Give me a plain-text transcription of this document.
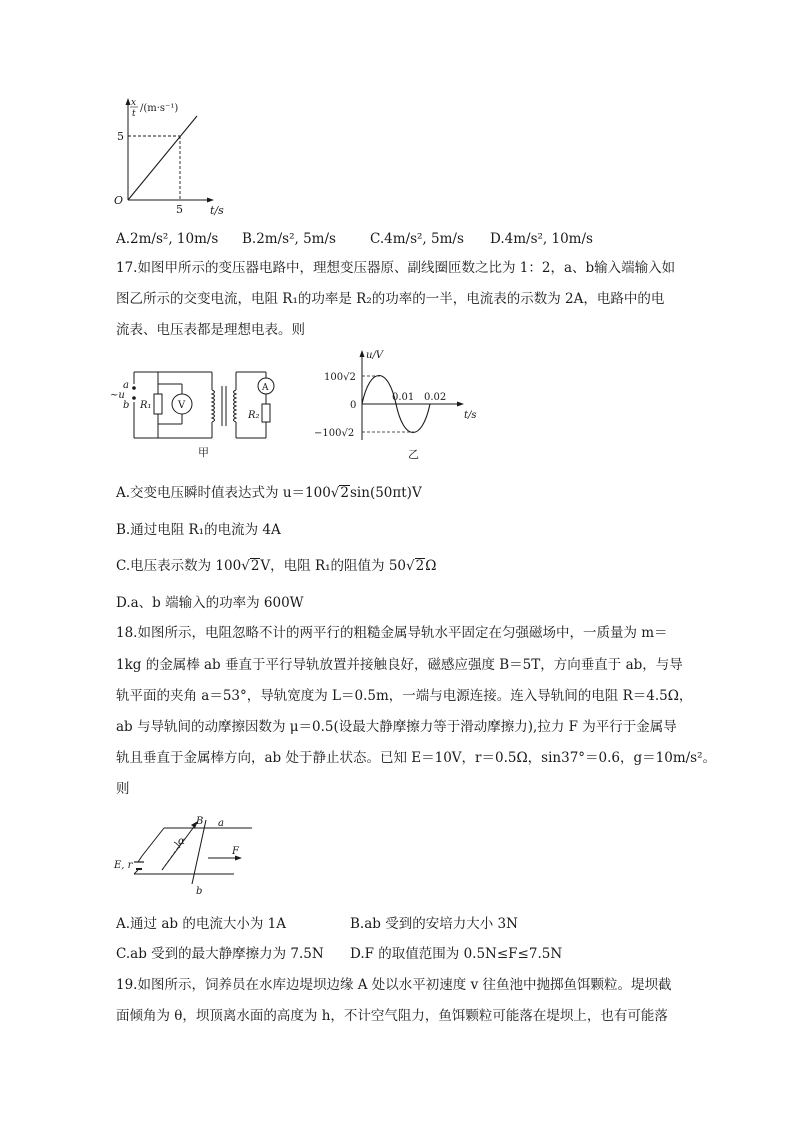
x
t /(m·s⁻¹)
5
5
O
t/s
A.2m/s², 10m/s B.2m/s², 5m/s	C.4m/s², 5m/s D.4m/s², 10m/s
17.如图甲所示的变压器电路中，理想变压器原、副线圈匝数之比为 1：2，a、b输入端输入如
图乙所示的交变电流，电阻 R₁的功率是 R₂的功率的一半，电流表的示数为 2A，电路中的电
流表、电压表都是理想电表。则
a
~u
b R₁	V
A
R₂
甲
u/V
100√2
0
−100√2
0.01 0.02
t/s
乙
A.交变电压瞬时值表达式为 u＝100√2sin(50πt)V
B.通过电阻 R₁的电流为 4A
C.电压表示数为 100√2V，电阻 R₁的阻值为 50√2Ω
D.a、b 端输入的功率为 600W
18.如图所示，电阻忽略不计的两平行的粗糙金属导轨水平固定在匀强磁场中，一质量为 m＝
1kg 的金属棒 ab 垂直于平行导轨放置并接触良好，磁感应强度 B＝5T，方向垂直于 ab，与导
轨平面的夹角 a＝53°，导轨宽度为 L＝0.5m，一端与电源连接。连入导轨间的电阻 R＝4.5Ω，
ab 与导轨间的动摩擦因数为 μ＝0.5(设最大静摩擦力等于滑动摩擦力),拉力 F 为平行于金属导
轨且垂直于金属棒方向，ab 处于静止状态。已知 E＝10V，r＝0.5Ω，sin37°＝0.6，g＝10m/s²。
则
B a
α
F
E, r
b
A.通过 ab 的电流大小为 1A	B.ab 受到的安培力大小 3N
C.ab 受到的最大静摩擦力为 7.5N D.F 的取值范围为 0.5N≤F≤7.5N
19.如图所示，饲养员在水库边堤坝边缘 A 处以水平初速度 v 往鱼池中抛掷鱼饵颗粒。堤坝截
面倾角为 θ，坝顶离水面的高度为 h，不计空气阻力，鱼饵颗粒可能落在堤坝上，也有可能落
